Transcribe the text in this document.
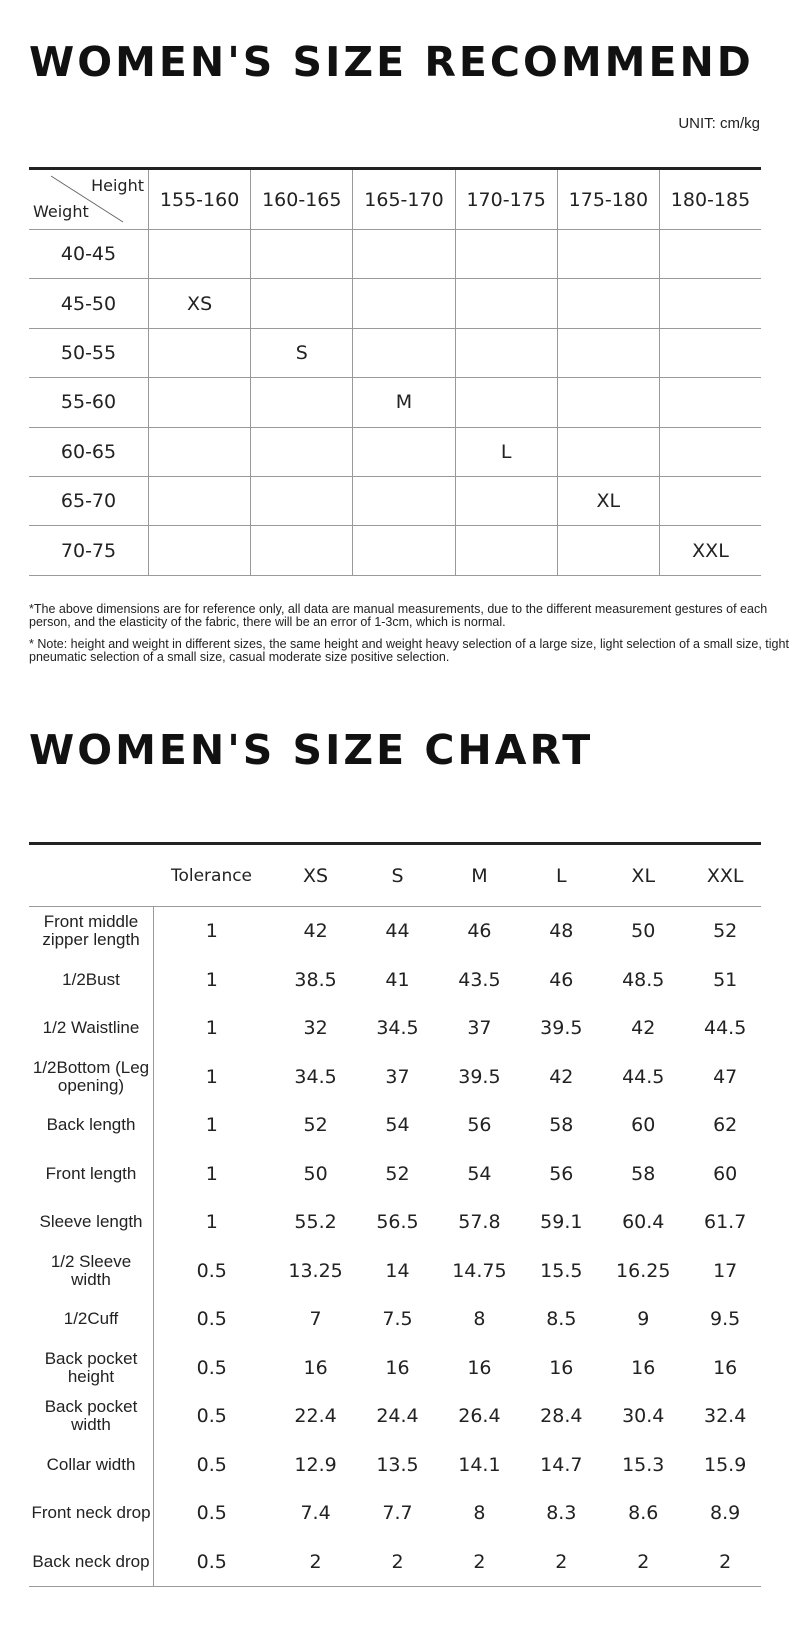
WOMEN'S SIZE RECOMMEND
UNIT: cm/kg
Height
Weight	155-160	160-165	165-170	170-175	175-180	180-185
40-45						
45-50	XS					
50-55		S				
55-60			M			
60-65				L		
65-70					XL	
70-75						XXL
*The above dimensions are for reference only, all data are manual measurements, due to the different measurement gestures of each person, and the elasticity of the fabric, there will be an error of 1-3cm, which is normal.
* Note: height and weight in different sizes, the same height and weight heavy selection of a large size, light selection of a small size, tight pneumatic selection of a small size, casual moderate size positive selection.
WOMEN'S SIZE CHART
	Tolerance	XS	S	M	L	XL	XXL
Front middle zipper length	1	42	44	46	48	50	52
1/2Bust	1	38.5	41	43.5	46	48.5	51
1/2 Waistline	1	32	34.5	37	39.5	42	44.5
1/2Bottom (Leg opening)	1	34.5	37	39.5	42	44.5	47
Back length	1	52	54	56	58	60	62
Front length	1	50	52	54	56	58	60
Sleeve length	1	55.2	56.5	57.8	59.1	60.4	61.7
1/2 Sleeve width	0.5	13.25	14	14.75	15.5	16.25	17
1/2Cuff	0.5	7	7.5	8	8.5	9	9.5
Back pocket height	0.5	16	16	16	16	16	16
Back pocket width	0.5	22.4	24.4	26.4	28.4	30.4	32.4
Collar width	0.5	12.9	13.5	14.1	14.7	15.3	15.9
Front neck drop	0.5	7.4	7.7	8	8.3	8.6	8.9
Back neck drop	0.5	2	2	2	2	2	2
